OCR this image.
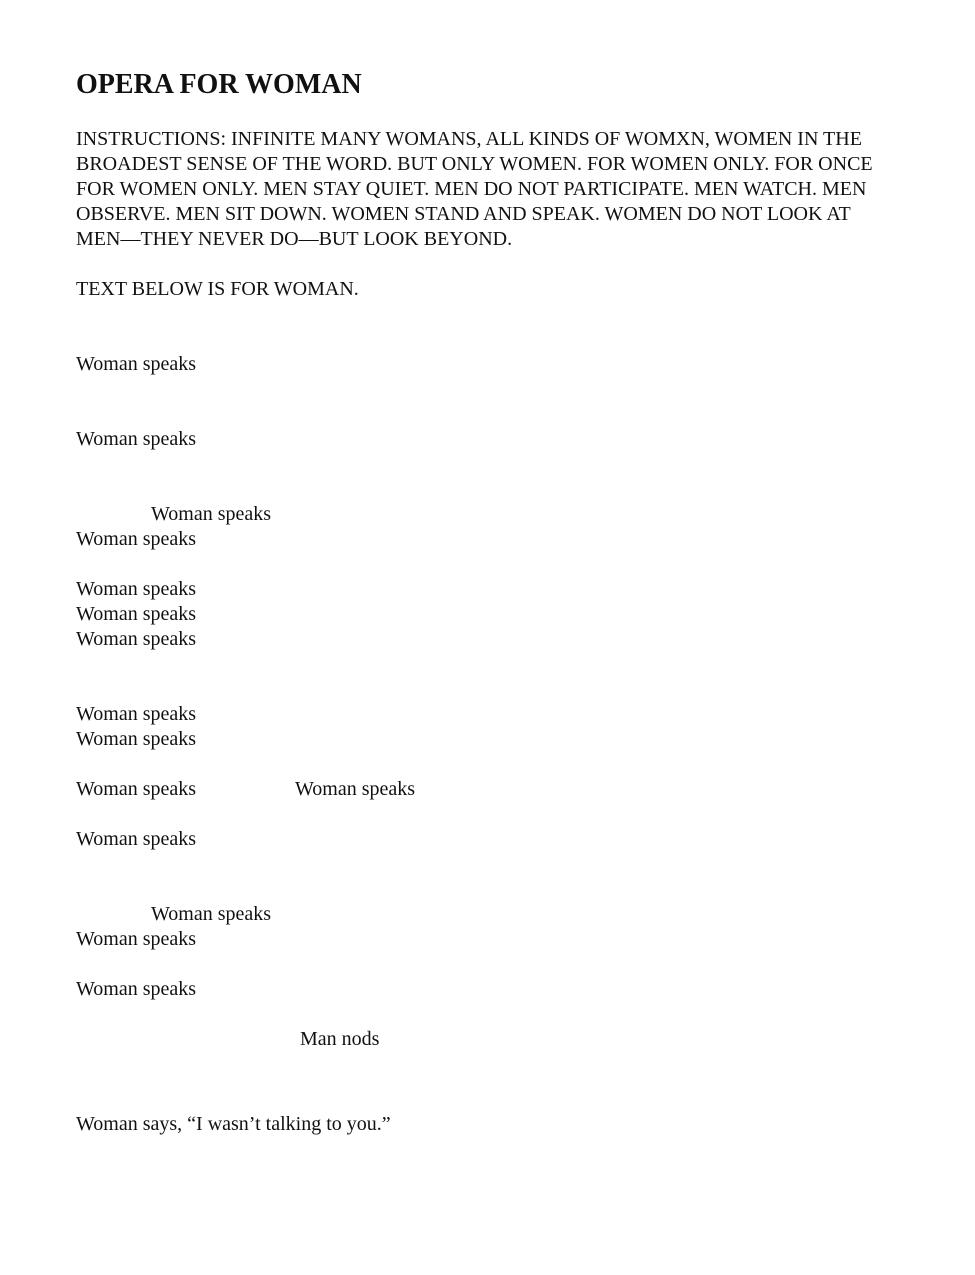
OPERA FOR WOMAN

INSTRUCTIONS: INFINITE MANY WOMANS, ALL KINDS OF WOMXN, WOMEN IN THE BROADEST SENSE OF THE WORD. BUT ONLY WOMEN. FOR WOMEN ONLY. FOR ONCE FOR WOMEN ONLY. MEN STAY QUIET. MEN DO NOT PARTICIPATE. MEN WATCH. MEN OBSERVE. MEN SIT DOWN. WOMEN STAND AND SPEAK. WOMEN DO NOT LOOK AT MEN—THEY NEVER DO—BUT LOOK BEYOND.

TEXT BELOW IS FOR WOMAN.

Woman speaks

Woman speaks

Woman speaks

Woman speaks

Woman speaks

Woman speaks

Woman speaks

Woman speaks

Woman speaks

Woman speaks	Woman speaks

Woman speaks

Woman speaks

Woman speaks

Woman speaks

Man nods

Woman says, “I wasn’t talking to you.”
